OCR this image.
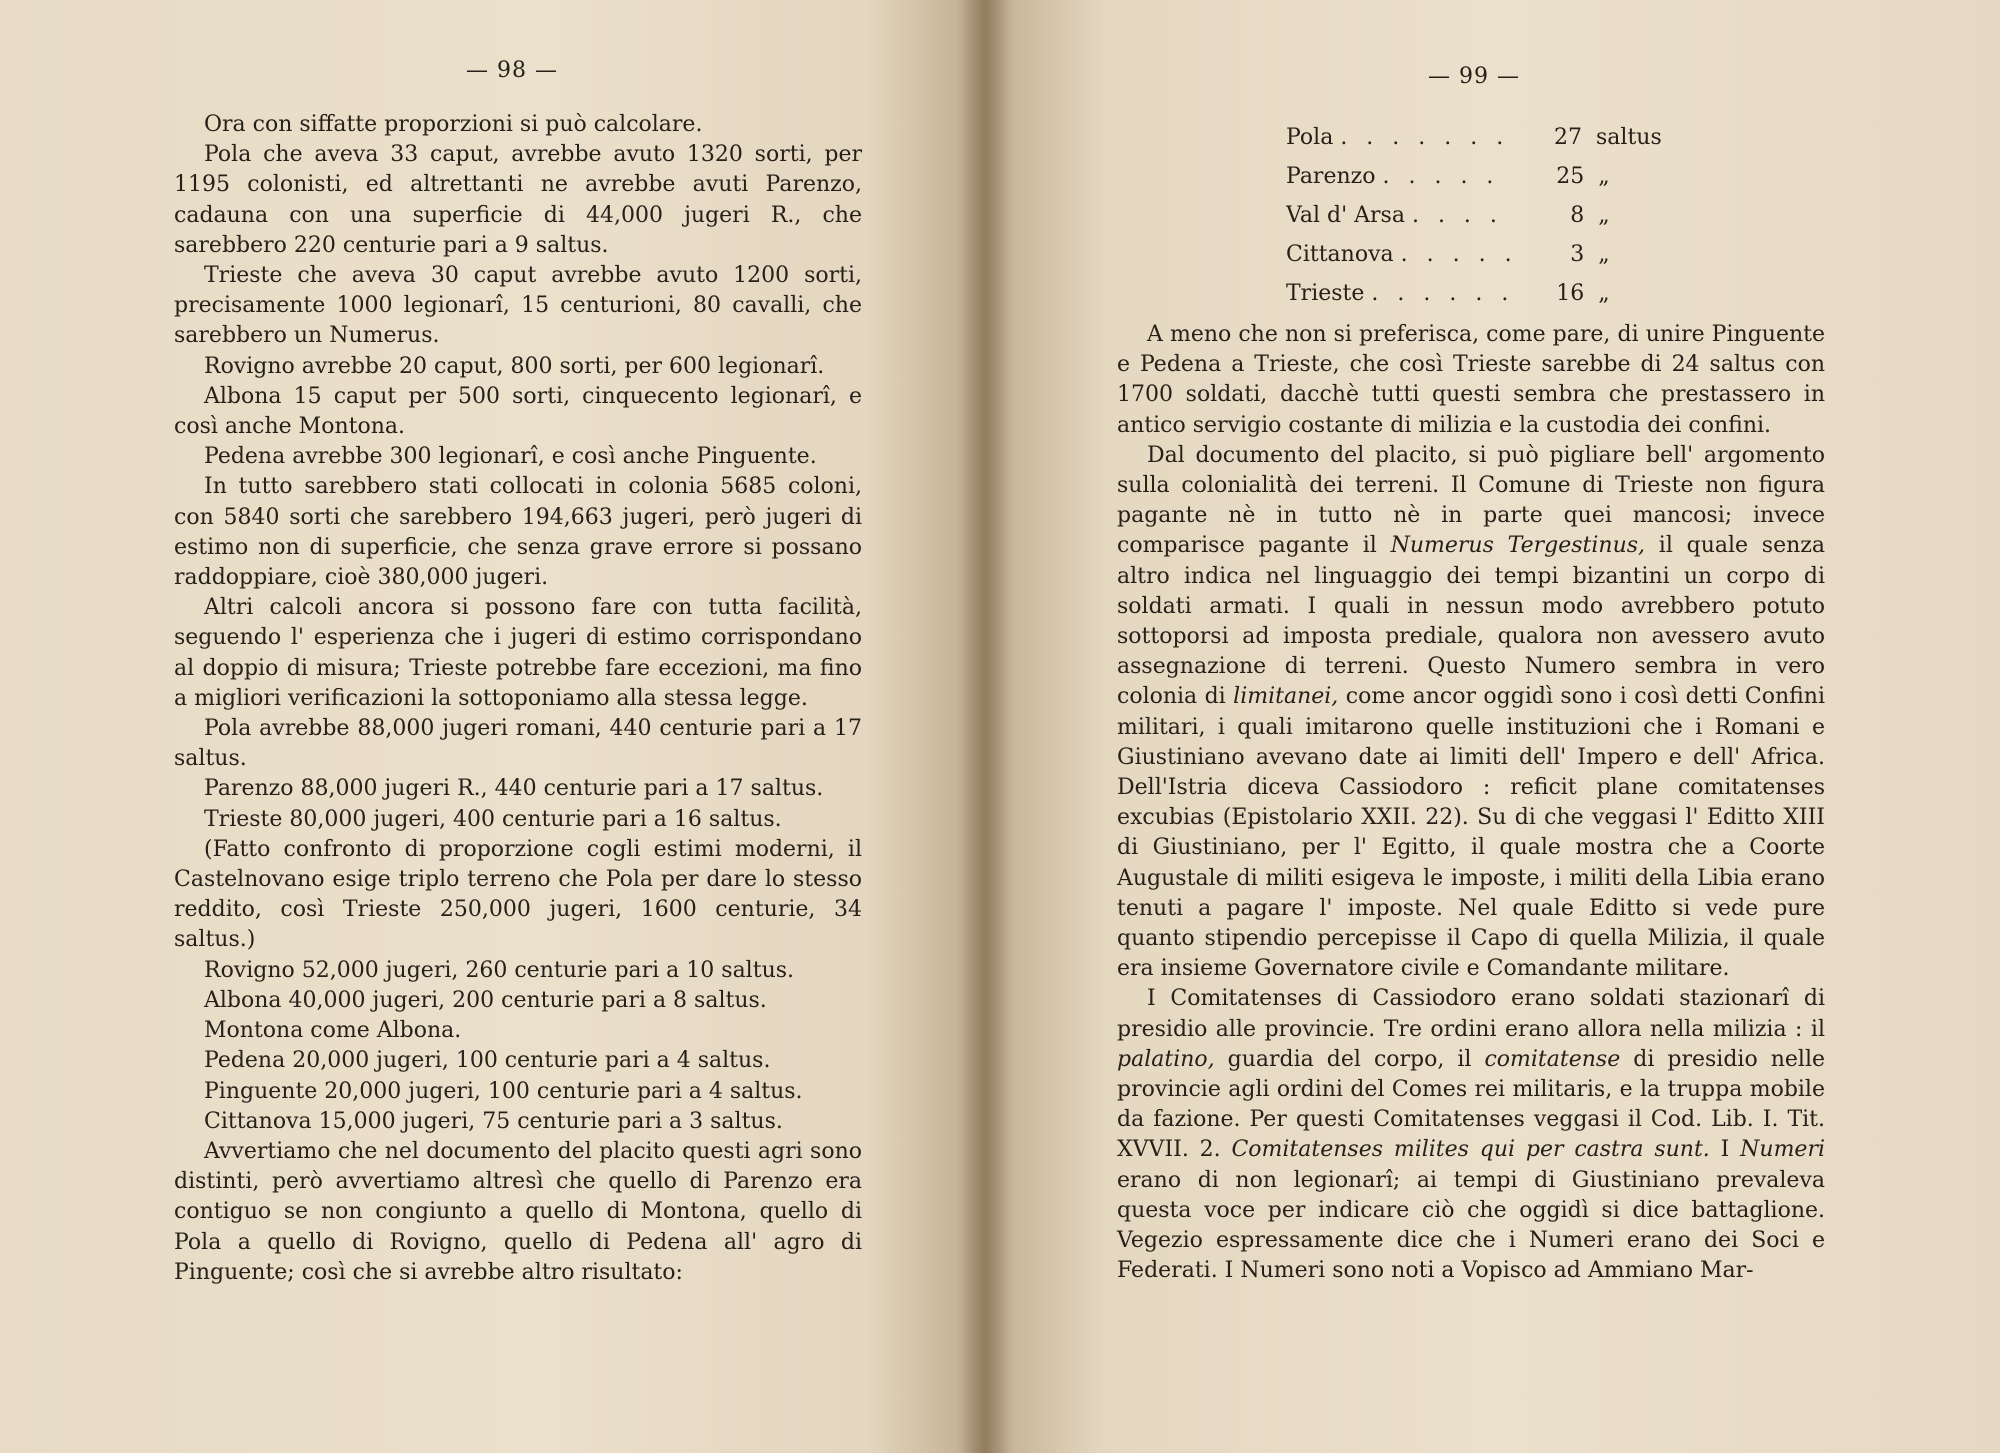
— 98 —

Ora con siffatte proporzioni si può calcolare.

Pola che aveva 33 caput, avrebbe avuto 1320 sorti, per 1195 colonisti, ed altrettanti ne avrebbe avuti Parenzo, cadauna con una superficie di 44,000 jugeri R., che sarebbero 220 centurie pari a 9 saltus.

Trieste che aveva 30 caput avrebbe avuto 1200 sorti, precisamente 1000 legionarî, 15 centurioni, 80 cavalli, che sarebbero un Numerus.

Rovigno avrebbe 20 caput, 800 sorti, per 600 legionarî.

Albona 15 caput per 500 sorti, cinquecento legionarî, e così anche Montona.

Pedena avrebbe 300 legionarî, e così anche Pinguente.

In tutto sarebbero stati collocati in colonia 5685 coloni, con 5840 sorti che sarebbero 194,663 jugeri, però jugeri di estimo non di superficie, che senza grave errore si possano raddoppiare, cioè 380,000 jugeri.

Altri calcoli ancora si possono fare con tutta facilità, seguendo l' esperienza che i jugeri di estimo corrispondano al doppio di misura; Trieste potrebbe fare eccezioni, ma fino a migliori verificazioni la sottoponiamo alla stessa legge.

Pola avrebbe 88,000 jugeri romani, 440 centurie pari a 17 saltus.

Parenzo 88,000 jugeri R., 440 centurie pari a 17 saltus.

Trieste 80,000 jugeri, 400 centurie pari a 16 saltus.

(Fatto confronto di proporzione cogli estimi moderni, il Castelnovano esige triplo terreno che Pola per dare lo stesso reddito, così Trieste 250,000 jugeri, 1600 centurie, 34 saltus.)

Rovigno 52,000 jugeri, 260 centurie pari a 10 saltus.

Albona 40,000 jugeri, 200 centurie pari a 8 saltus.

Montona come Albona.

Pedena 20,000 jugeri, 100 centurie pari a 4 saltus.

Pinguente 20,000 jugeri, 100 centurie pari a 4 saltus.

Cittanova 15,000 jugeri, 75 centurie pari a 3 saltus.

Avvertiamo che nel documento del placito questi agri sono distinti, però avvertiamo altresì che quello di Parenzo era contiguo se non congiunto a quello di Montona, quello di Pola a quello di Rovigno, quello di Pedena all' agro di Pinguente; così che si avrebbe altro risultato:

— 99 —
Pola . . . . . . .	27 saltus
Parenzo . . . . .	25 „
Val d' Arsa . . . .	8 „
Cittanova . . . . .	3 „
Trieste . . . . . .	16 „

A meno che non si preferisca, come pare, di unire Pinguente e Pedena a Trieste, che così Trieste sarebbe di 24 saltus con 1700 soldati, dacchè tutti questi sembra che prestassero in antico servigio costante di milizia e la custodia dei confini.

Dal documento del placito, si può pigliare bell' argomento sulla colonialità dei terreni. Il Comune di Trieste non figura pagante nè in tutto nè in parte quei mancosi; invece comparisce pagante il Numerus Tergestinus, il quale senza altro indica nel linguaggio dei tempi bizantini un corpo di soldati armati. I quali in nessun modo avrebbero potuto sottoporsi ad imposta prediale, qualora non avessero avuto assegnazione di terreni. Questo Numero sembra in vero colonia di limitanei, come ancor oggidì sono i così detti Confini militari, i quali imitarono quelle instituzioni che i Romani e Giustiniano avevano date ai limiti dell' Impero e dell' Africa. Dell'Istria diceva Cassiodoro : reficit plane comitatenses excubias (Epistolario XXII. 22). Su di che veggasi l' Editto XIII di Giustiniano, per l' Egitto, il quale mostra che a Coorte Augustale di militi esigeva le imposte, i militi della Libia erano tenuti a pagare l' imposte. Nel quale Editto si vede pure quanto stipendio percepisse il Capo di quella Milizia, il quale era insieme Governatore civile e Comandante militare.

I Comitatenses di Cassiodoro erano soldati stazionarî di presidio alle provincie. Tre ordini erano allora nella milizia : il palatino, guardia del corpo, il comitatense di presidio nelle provincie agli ordini del Comes rei militaris, e la truppa mobile da fazione. Per questi Comitatenses veggasi il Cod. Lib. I. Tit. XVVII. 2. Comitatenses milites qui per castra sunt. I Numeri erano di non legionarî; ai tempi di Giustiniano prevaleva questa voce per indicare ciò che oggidì si dice battaglione. Vegezio espressamente dice che i Numeri erano dei Soci e Federati. I Numeri sono noti a Vopisco ad Ammiano Mar-
